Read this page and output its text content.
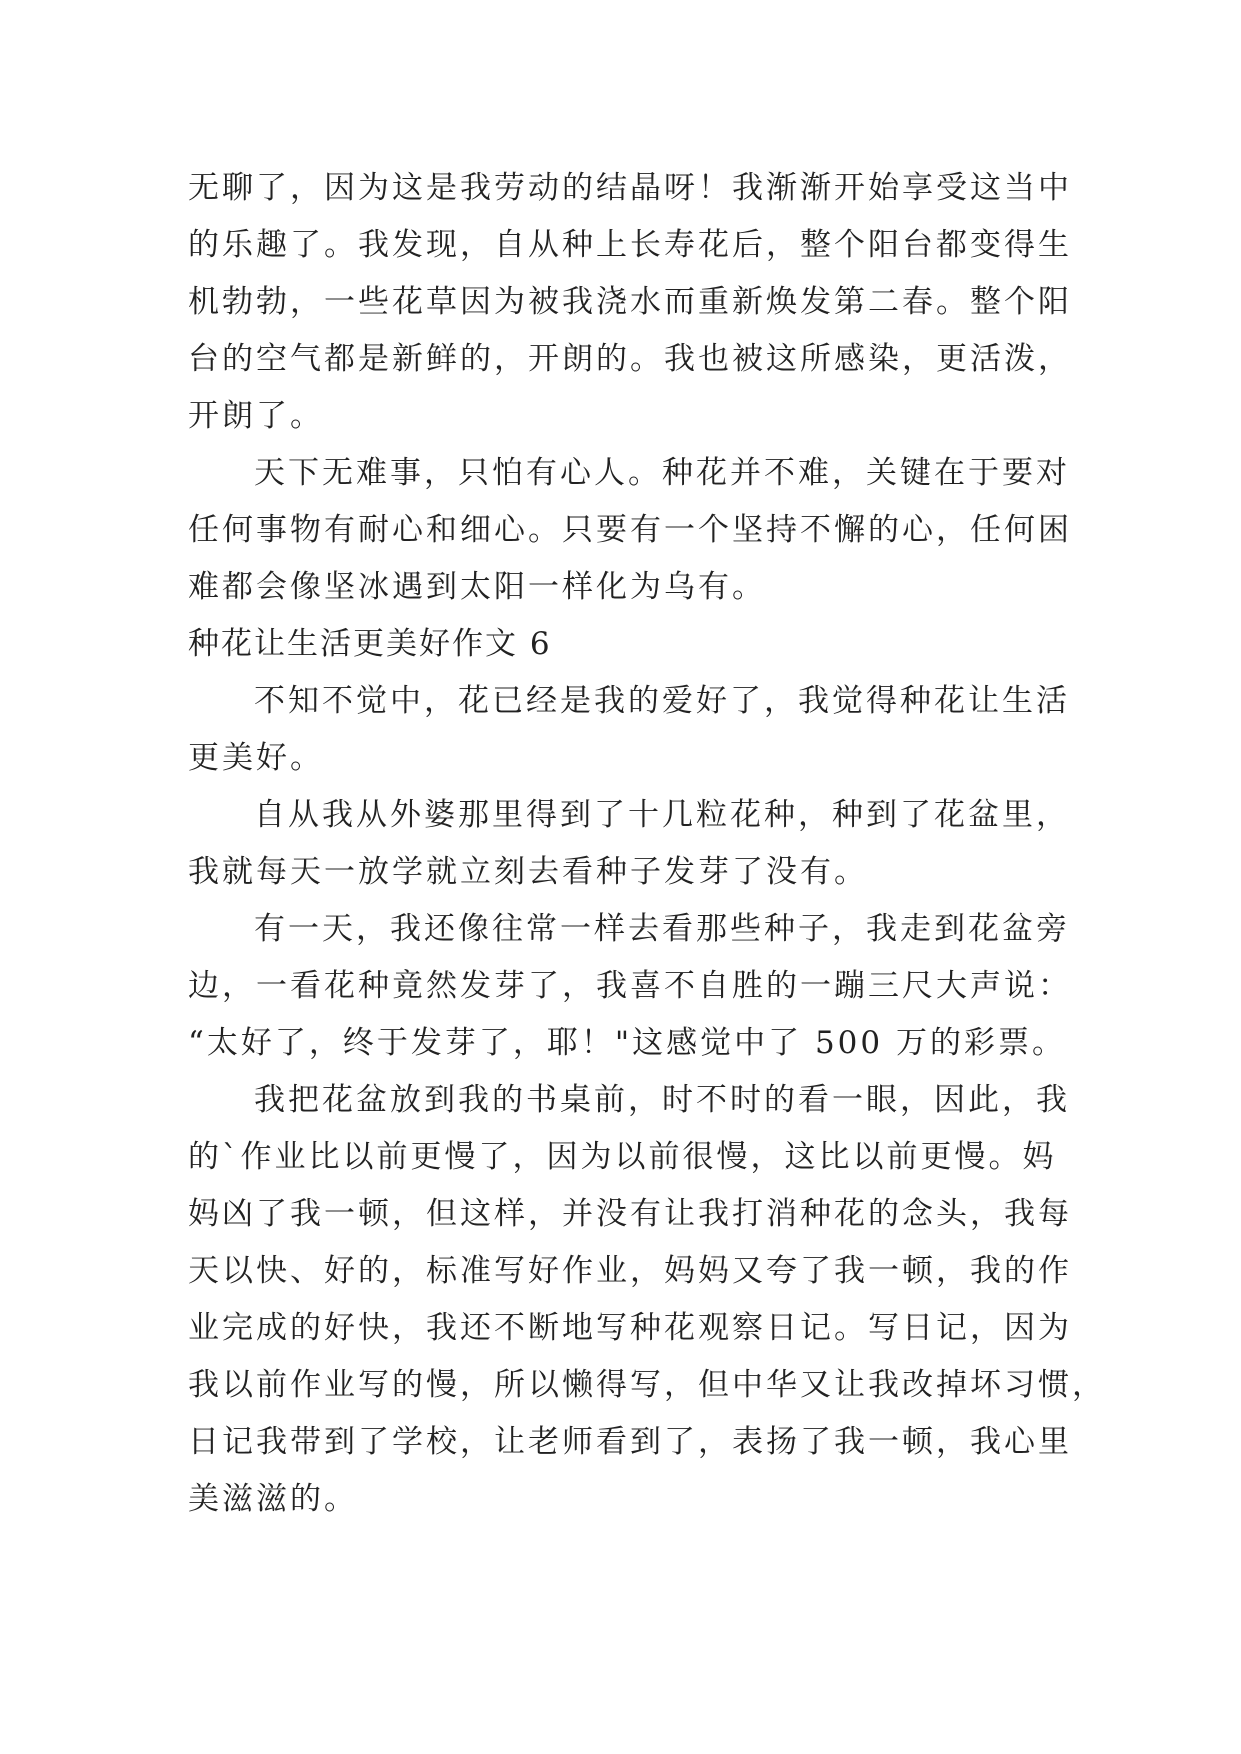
无聊了，因为这是我劳动的结晶呀！我渐渐开始享受这当中
的乐趣了。我发现，自从种上长寿花后，整个阳台都变得生
机勃勃，一些花草因为被我浇水而重新焕发第二春。整个阳
台的空气都是新鲜的，开朗的。我也被这所感染，更活泼，
开朗了。
天下无难事，只怕有心人。种花并不难，关键在于要对
任何事物有耐心和细心。只要有一个坚持不懈的心，任何困
难都会像坚冰遇到太阳一样化为乌有。
种花让生活更美好作文 6
不知不觉中，花已经是我的爱好了，我觉得种花让生活
更美好。
自从我从外婆那里得到了十几粒花种，种到了花盆里，
我就每天一放学就立刻去看种子发芽了没有。
有一天，我还像往常一样去看那些种子，我走到花盆旁
边，一看花种竟然发芽了，我喜不自胜的一蹦三尺大声说：
“太好了，终于发芽了，耶！"这感觉中了 500 万的彩票。
我把花盆放到我的书桌前，时不时的看一眼，因此，我
的`作业比以前更慢了，因为以前很慢，这比以前更慢。妈
妈凶了我一顿，但这样，并没有让我打消种花的念头，我每
天以快、好的，标准写好作业，妈妈又夸了我一顿，我的作
业完成的好快，我还不断地写种花观察日记。写日记，因为
我以前作业写的慢，所以懒得写，但中华又让我改掉坏习惯，
日记我带到了学校，让老师看到了，表扬了我一顿，我心里
美滋滋的。
